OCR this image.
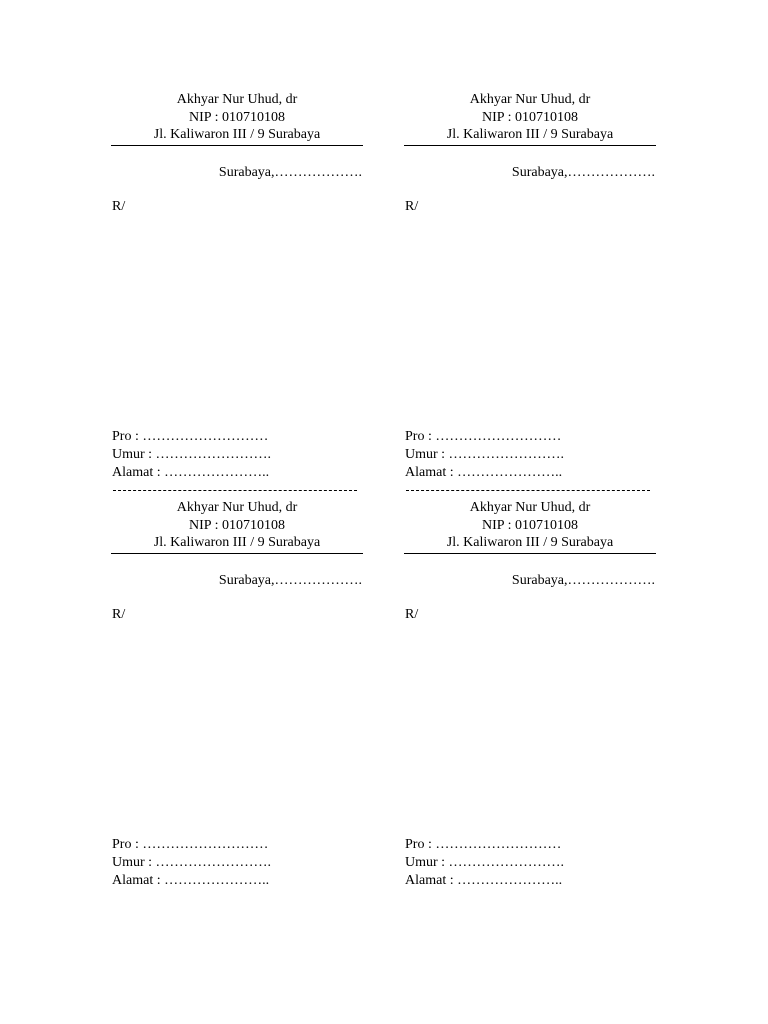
Akhyar Nur Uhud, dr
NIP : 010710108
Jl. Kaliwaron III / 9 Surabaya
Surabaya,……………….
R/
Pro : ………………………
Umur : …………………….
Alamat : …………………..
Akhyar Nur Uhud, dr
NIP : 010710108
Jl. Kaliwaron III / 9 Surabaya
Surabaya,……………….
R/
Pro : ………………………
Umur : …………………….
Alamat : …………………..
Akhyar Nur Uhud, dr
NIP : 010710108
Jl. Kaliwaron III / 9 Surabaya
Surabaya,……………….
R/
Pro : ………………………
Umur : …………………….
Alamat : …………………..
Akhyar Nur Uhud, dr
NIP : 010710108
Jl. Kaliwaron III / 9 Surabaya
Surabaya,……………….
R/
Pro : ………………………
Umur : …………………….
Alamat : …………………..
